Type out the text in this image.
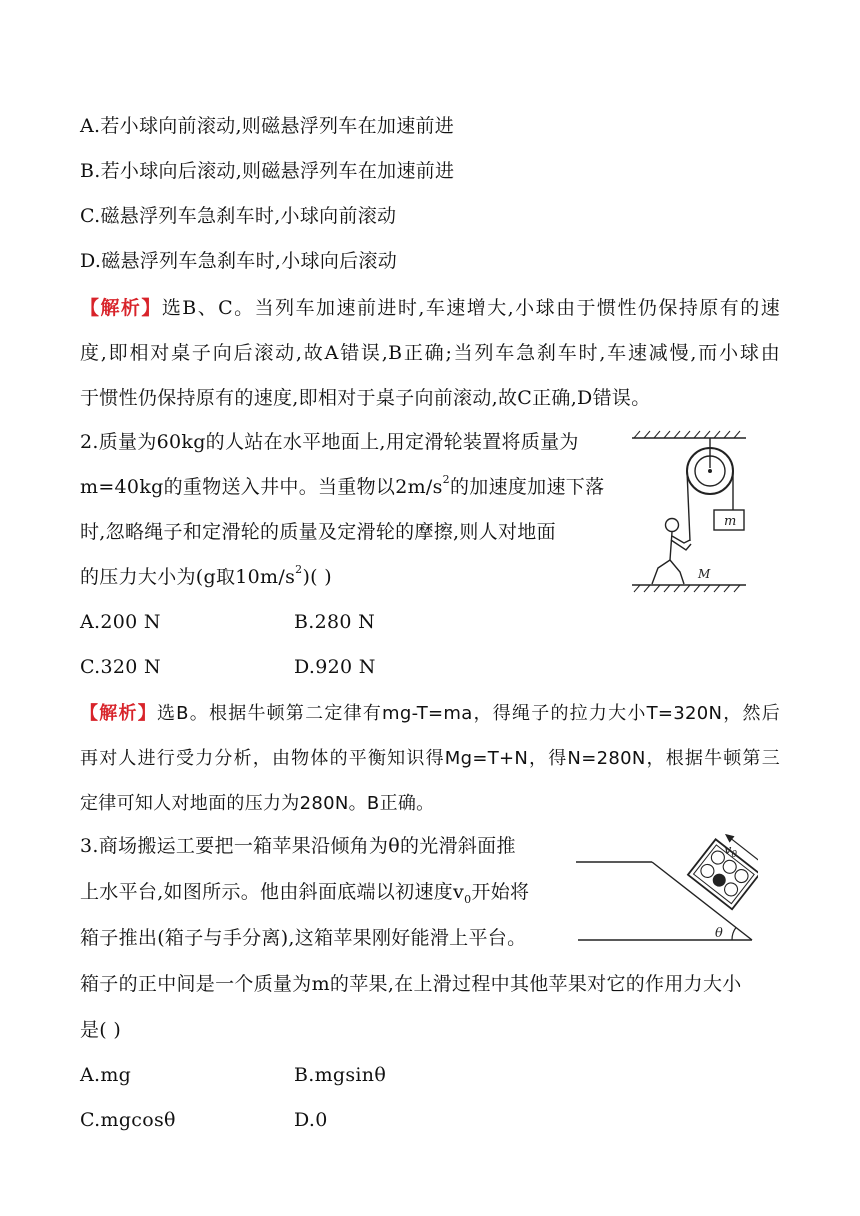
A.若小球向前滚动,则磁悬浮列车在加速前进
B.若小球向后滚动,则磁悬浮列车在加速前进
C.磁悬浮列车急刹车时,小球向前滚动
D.磁悬浮列车急刹车时,小球向后滚动
【解析】选B、C。当列车加速前进时,车速增大,小球由于惯性仍保持原有的速
度,即相对桌子向后滚动,故A错误,B正确;当列车急刹车时,车速减慢,而小球由
于惯性仍保持原有的速度,即相对于桌子向前滚动,故C正确,D错误。
2.质量为60kg的人站在水平地面上,用定滑轮装置将质量为
m=40kg的重物送入井中。当重物以$2m/s^2$的加速度加速下落
时,忽略绳子和定滑轮的质量及定滑轮的摩擦,则人对地面
的压力大小为(g取$10m/s^2$)( )
A.200 N	B.280 N
C.320 N	D.920 N
【解析】选B。根据牛顿第二定律有mg-T=ma，得绳子的拉力大小T=320N，然后
再对人进行受力分析，由物体的平衡知识得Mg=T+N，得N=280N，根据牛顿第三
定律可知人对地面的压力为280N。B正确。
m
M
3.商场搬运工要把一箱苹果沿倾角为θ的光滑斜面推
上水平台,如图所示。他由斜面底端以初速度$v_0$开始将
箱子推出(箱子与手分离),这箱苹果刚好能滑上平台。
箱子的正中间是一个质量为m的苹果,在上滑过程中其他苹果对它的作用力大小
是( )
A.mg	B.mgsinθ
C.mgcosθ	D.0
θ
$v_0$
